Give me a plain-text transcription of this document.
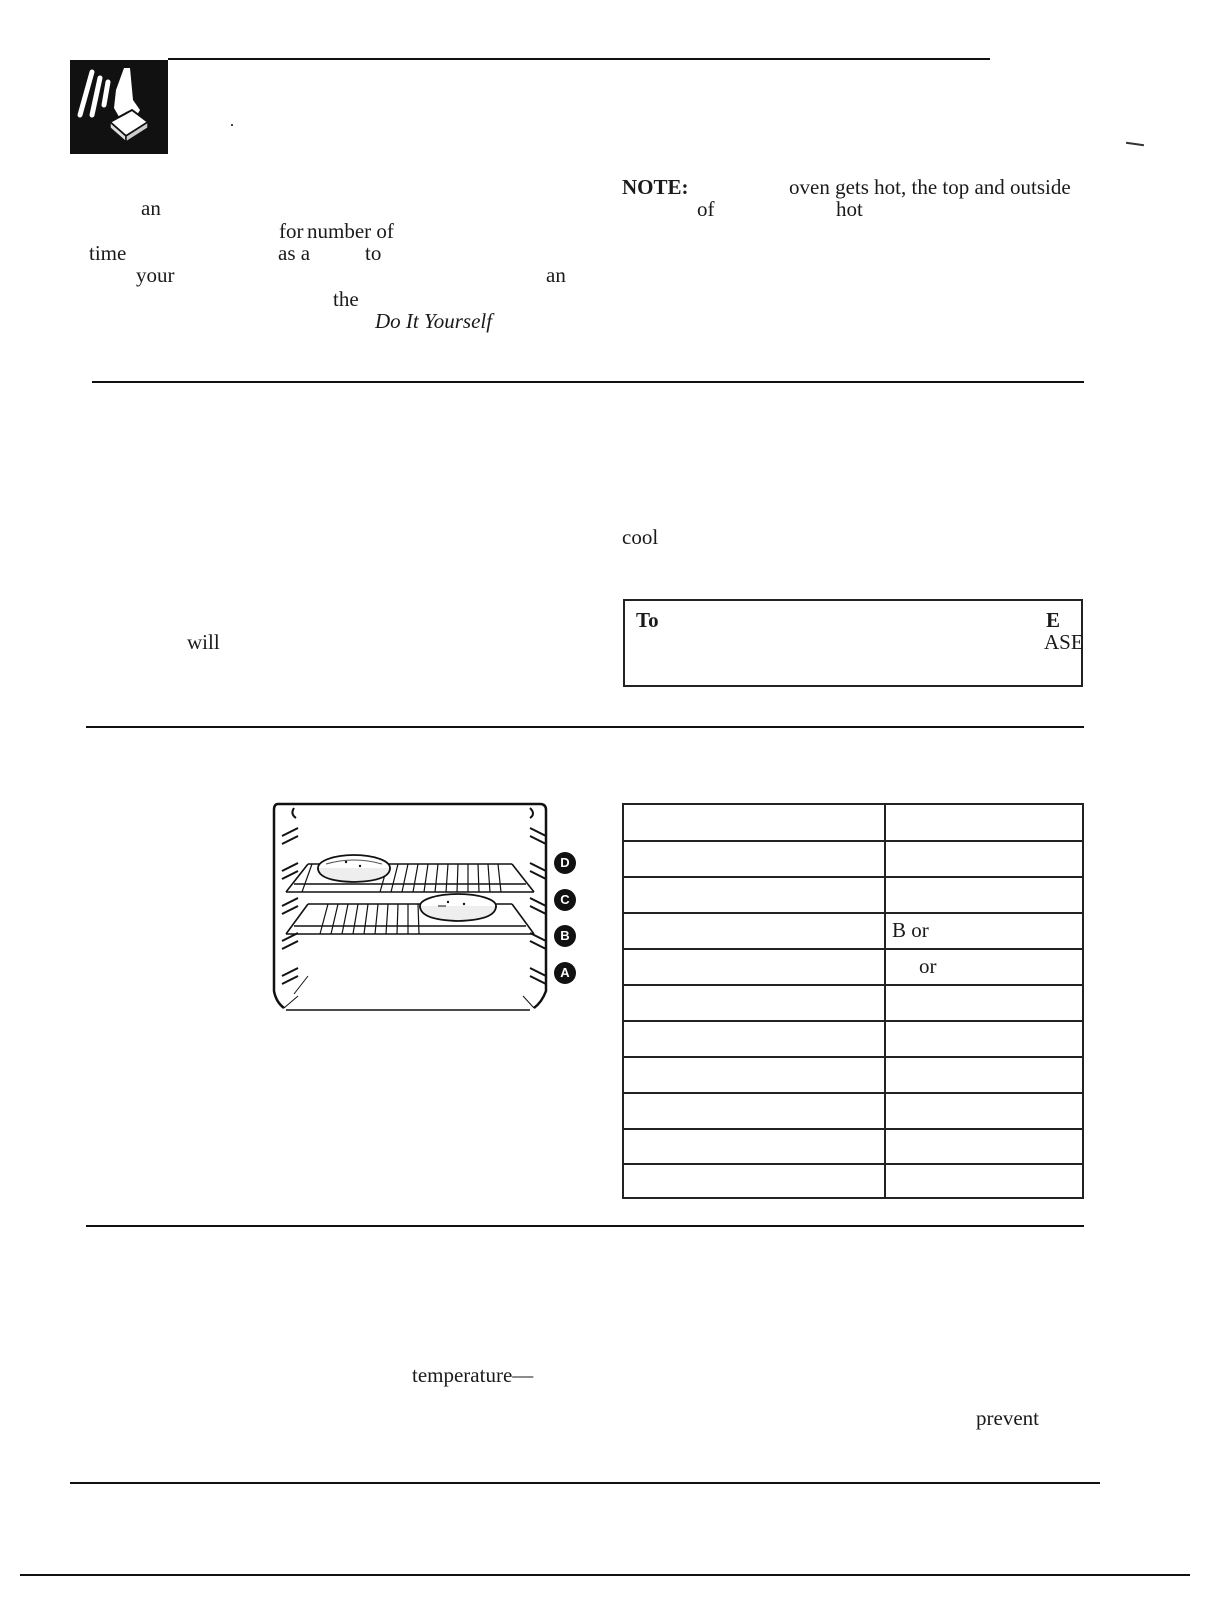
an
for number of
time	as a	to
your	an
the
Do It Yourself
NOTE:	oven gets hot, the top and outside
of	hot
cool
will
To	E
ASE
D
C
B
A
B or
or
temperature—
prevent
